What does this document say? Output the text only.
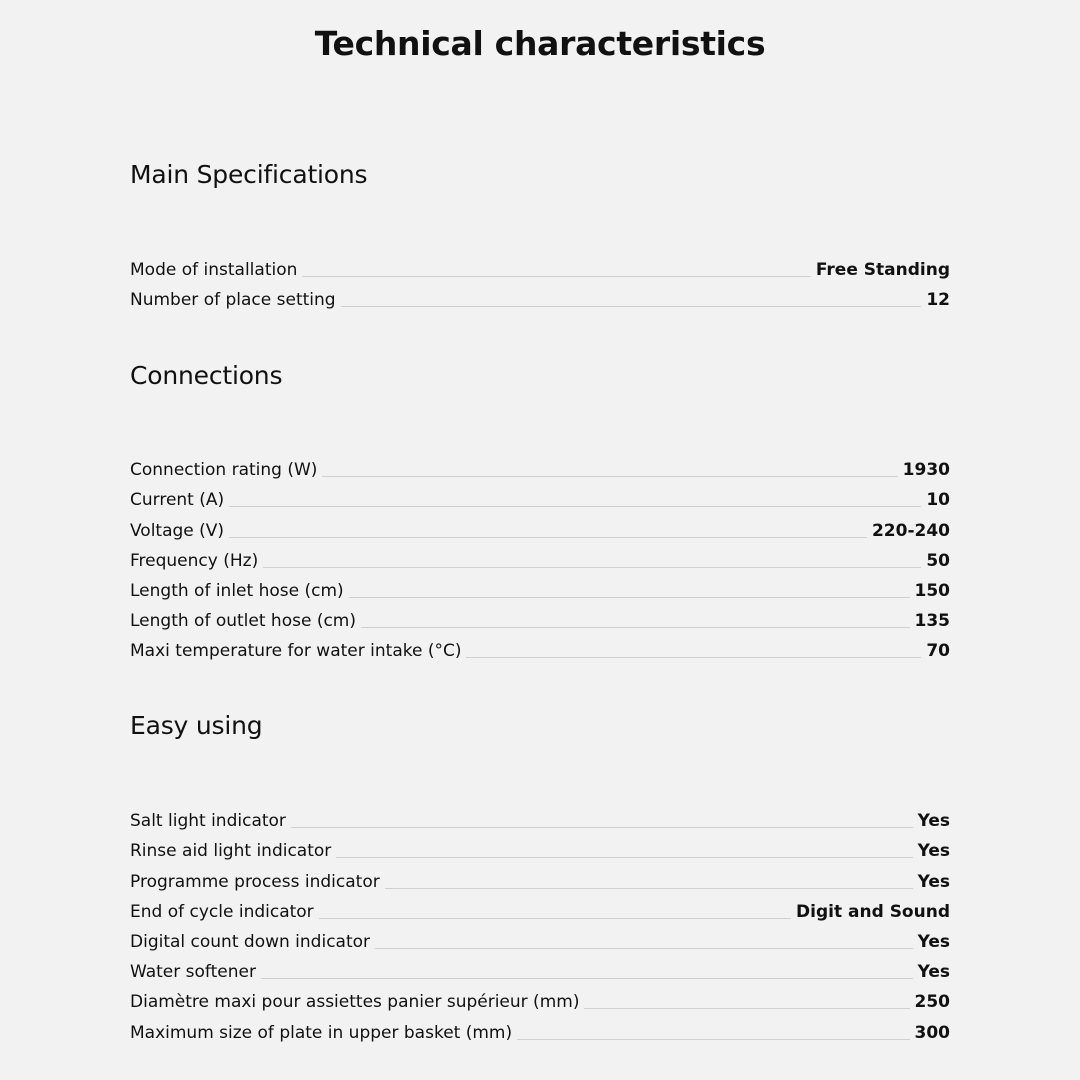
Technical characteristics
Main Specifications
Mode of installation	Free Standing
Number of place setting	12
Connections
Connection rating (W)	1930
Current (A)	10
Voltage (V)	220-240
Frequency (Hz)	50
Length of inlet hose (cm)	150
Length of outlet hose (cm)	135
Maxi temperature for water intake (°C)	70
Easy using
Salt light indicator	Yes
Rinse aid light indicator	Yes
Programme process indicator	Yes
End of cycle indicator	Digit and Sound
Digital count down indicator	Yes
Water softener	Yes
Diamètre maxi pour assiettes panier supérieur (mm)	250
Maximum size of plate in upper basket (mm)	300
